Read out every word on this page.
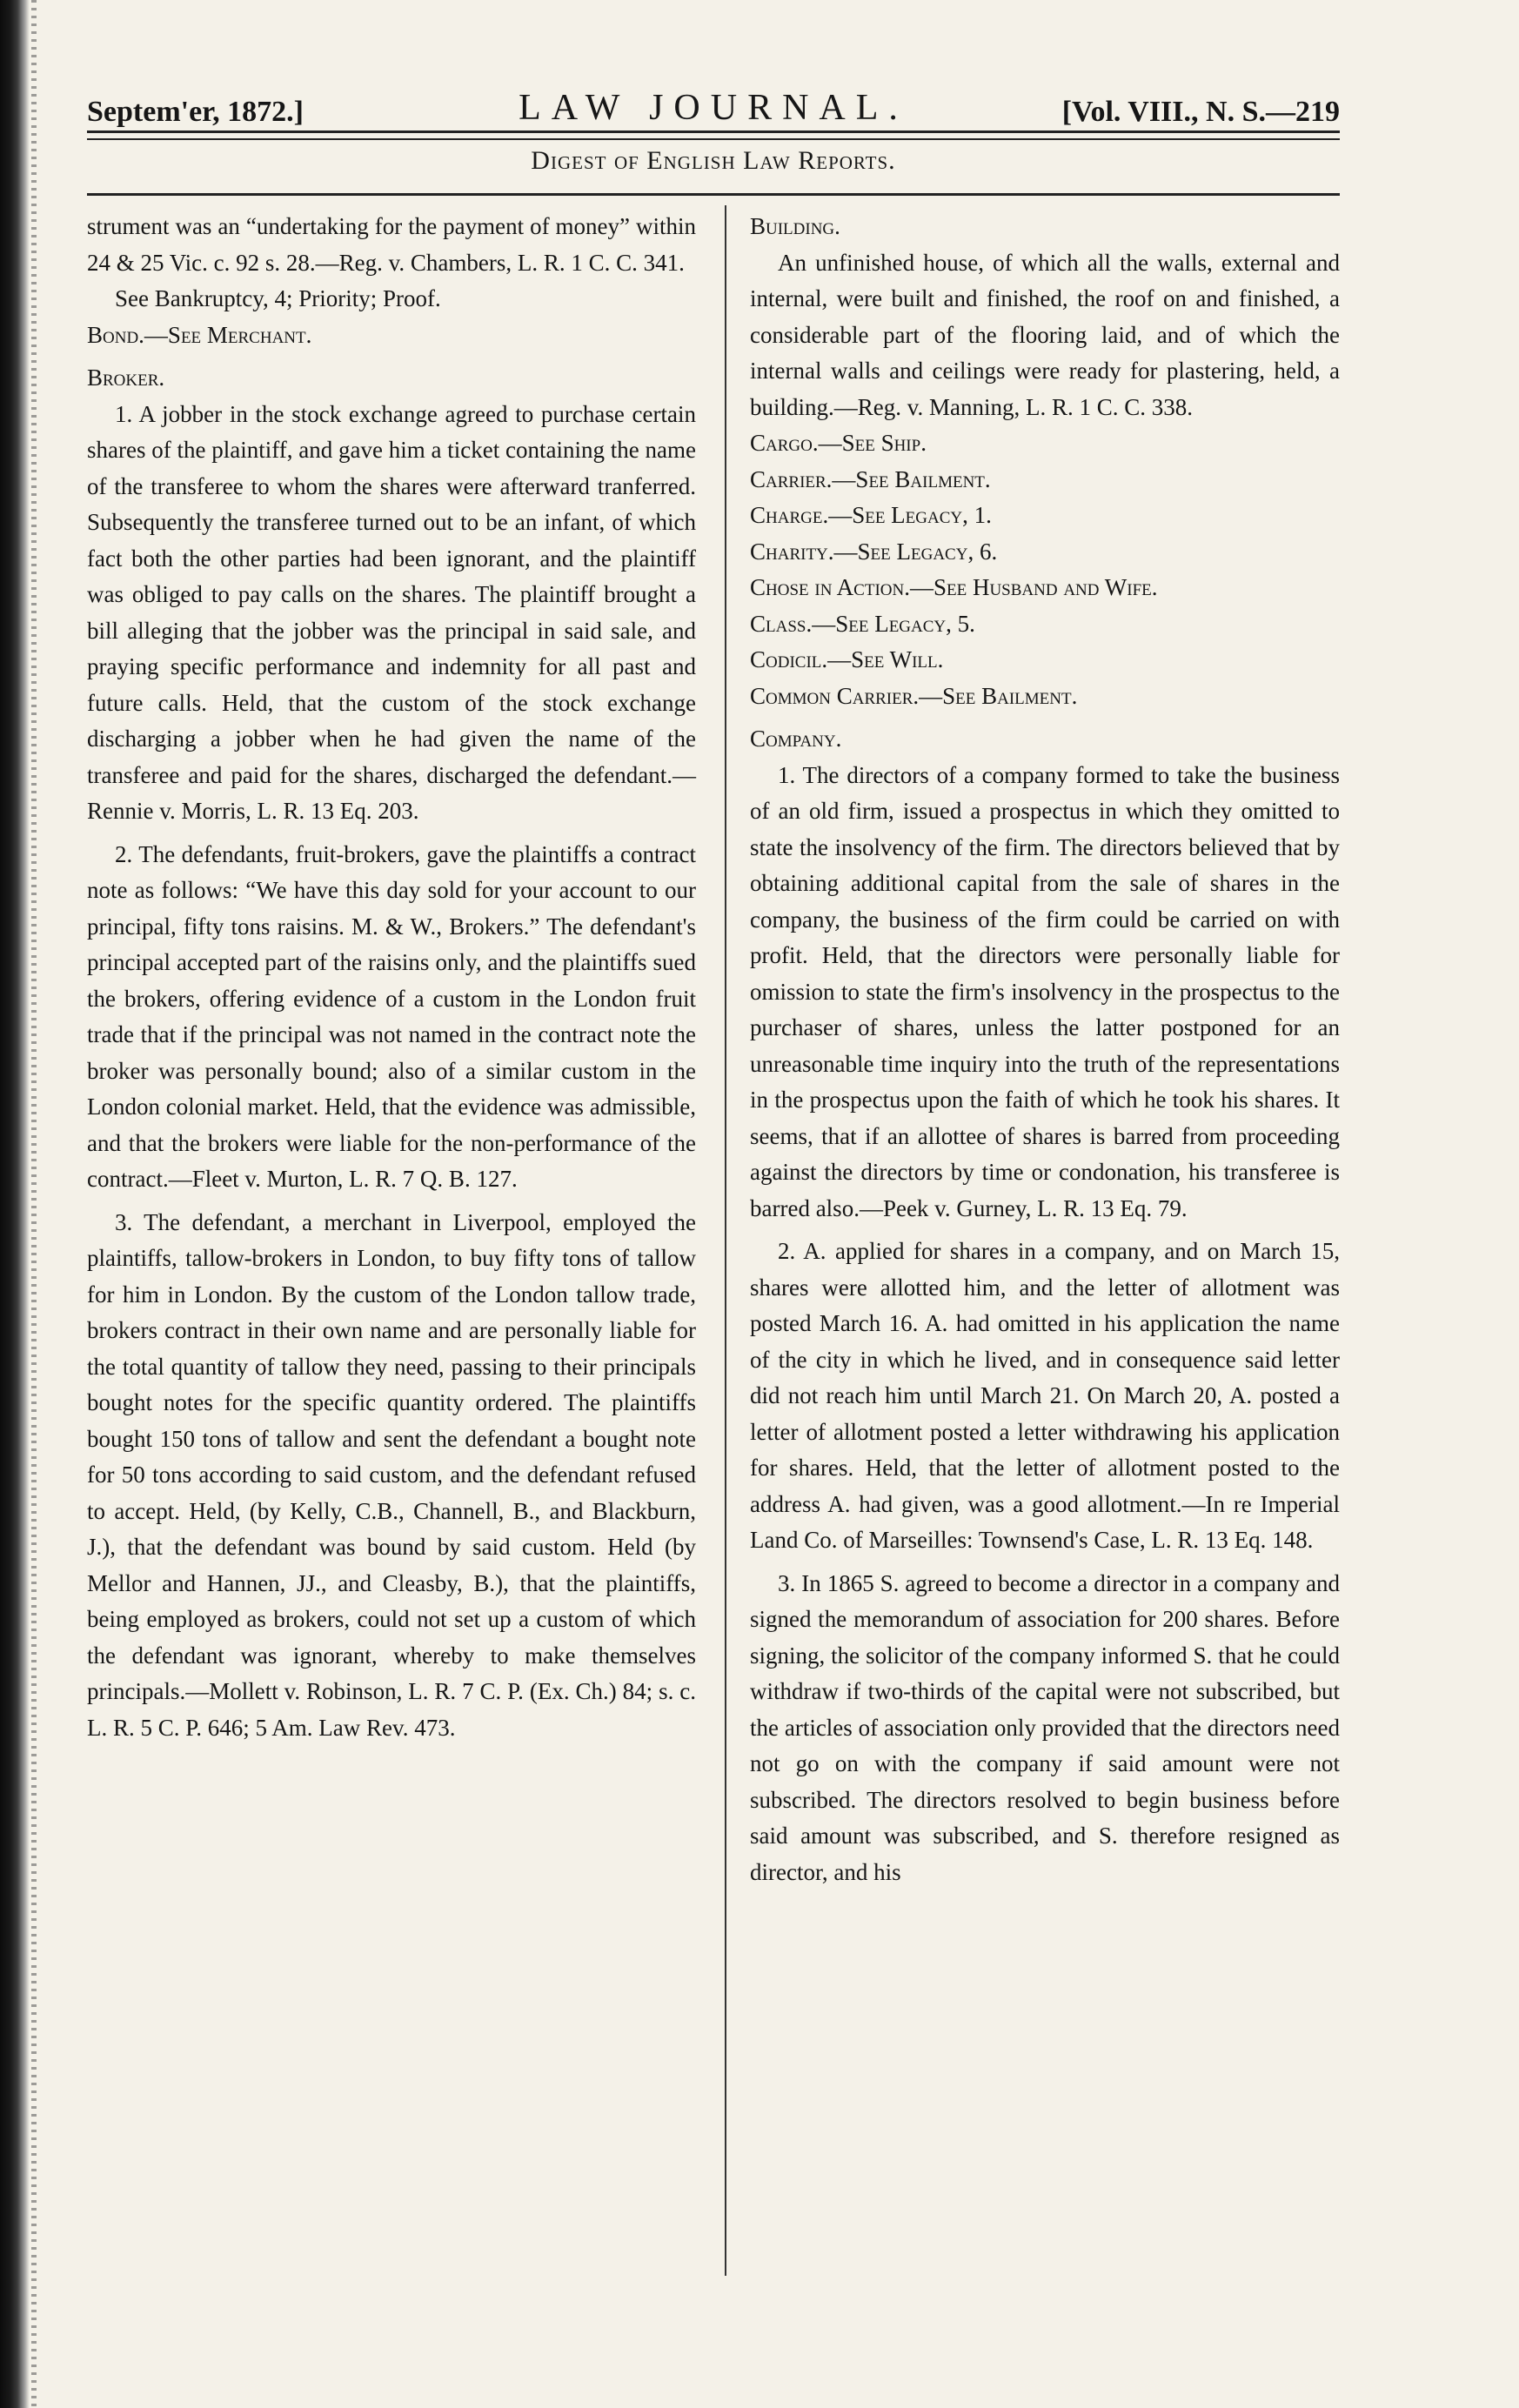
Septem'er, 1872.]	LAW JOURNAL.	[Vol. VIII., N. S.—219
Digest of English Law Reports.

strument was an “undertaking for the payment of money” within 24 & 25 Vic. c. 92 s. 28.—Reg. v. Chambers, L. R. 1 C. C. 341.

See Bankruptcy, 4; Priority; Proof.

Bond.—See Merchant.

Broker.

1. A jobber in the stock exchange agreed to purchase certain shares of the plaintiff, and gave him a ticket containing the name of the transferee to whom the shares were afterward tranferred. Subsequently the transferee turned out to be an infant, of which fact both the other parties had been ignorant, and the plaintiff was obliged to pay calls on the shares. The plaintiff brought a bill alleging that the jobber was the principal in said sale, and praying specific performance and indemnity for all past and future calls. Held, that the custom of the stock exchange discharging a jobber when he had given the name of the transferee and paid for the shares, discharged the defendant.—Rennie v. Morris, L. R. 13 Eq. 203.

2. The defendants, fruit-brokers, gave the plaintiffs a contract note as follows: “We have this day sold for your account to our principal, fifty tons raisins. M. & W., Brokers.” The defendant's principal accepted part of the raisins only, and the plaintiffs sued the brokers, offering evidence of a custom in the London fruit trade that if the principal was not named in the contract note the broker was personally bound; also of a similar custom in the London colonial market. Held, that the evidence was admissible, and that the brokers were liable for the non-performance of the contract.—Fleet v. Murton, L. R. 7 Q. B. 127.

3. The defendant, a merchant in Liverpool, employed the plaintiffs, tallow-brokers in London, to buy fifty tons of tallow for him in London. By the custom of the London tallow trade, brokers contract in their own name and are personally liable for the total quantity of tallow they need, passing to their principals bought notes for the specific quantity ordered. The plaintiffs bought 150 tons of tallow and sent the defendant a bought note for 50 tons according to said custom, and the defendant refused to accept. Held, (by Kelly, C.B., Channell, B., and Blackburn, J.), that the defendant was bound by said custom. Held (by Mellor and Hannen, JJ., and Cleasby, B.), that the plaintiffs, being employed as brokers, could not set up a custom of which the defendant was ignorant, whereby to make themselves principals.—Mollett v. Robinson, L. R. 7 C. P. (Ex. Ch.) 84; s. c. L. R. 5 C. P. 646; 5 Am. Law Rev. 473.

Building.

An unfinished house, of which all the walls, external and internal, were built and finished, the roof on and finished, a considerable part of the flooring laid, and of which the internal walls and ceilings were ready for plastering, held, a building.—Reg. v. Manning, L. R. 1 C. C. 338.

Cargo.—See Ship.

Carrier.—See Bailment.

Charge.—See Legacy, 1.

Charity.—See Legacy, 6.

Chose in Action.—See Husband and Wife.

Class.—See Legacy, 5.

Codicil.—See Will.

Common Carrier.—See Bailment.

Company.

1. The directors of a company formed to take the business of an old firm, issued a prospectus in which they omitted to state the insolvency of the firm. The directors believed that by obtaining additional capital from the sale of shares in the company, the business of the firm could be carried on with profit. Held, that the directors were personally liable for omission to state the firm's insolvency in the prospectus to the purchaser of shares, unless the latter postponed for an unreasonable time inquiry into the truth of the representations in the prospectus upon the faith of which he took his shares. It seems, that if an allottee of shares is barred from proceeding against the directors by time or condonation, his transferee is barred also.—Peek v. Gurney, L. R. 13 Eq. 79.

2. A. applied for shares in a company, and on March 15, shares were allotted him, and the letter of allotment was posted March 16. A. had omitted in his application the name of the city in which he lived, and in consequence said letter did not reach him until March 21. On March 20, A. posted a letter of allotment posted a letter withdrawing his application for shares. Held, that the letter of allotment posted to the address A. had given, was a good allotment.—In re Imperial Land Co. of Marseilles: Townsend's Case, L. R. 13 Eq. 148.

3. In 1865 S. agreed to become a director in a company and signed the memorandum of association for 200 shares. Before signing, the solicitor of the company informed S. that he could withdraw if two-thirds of the capital were not subscribed, but the articles of association only provided that the directors need not go on with the company if said amount were not subscribed. The directors resolved to begin business before said amount was subscribed, and S. therefore resigned as director, and his
